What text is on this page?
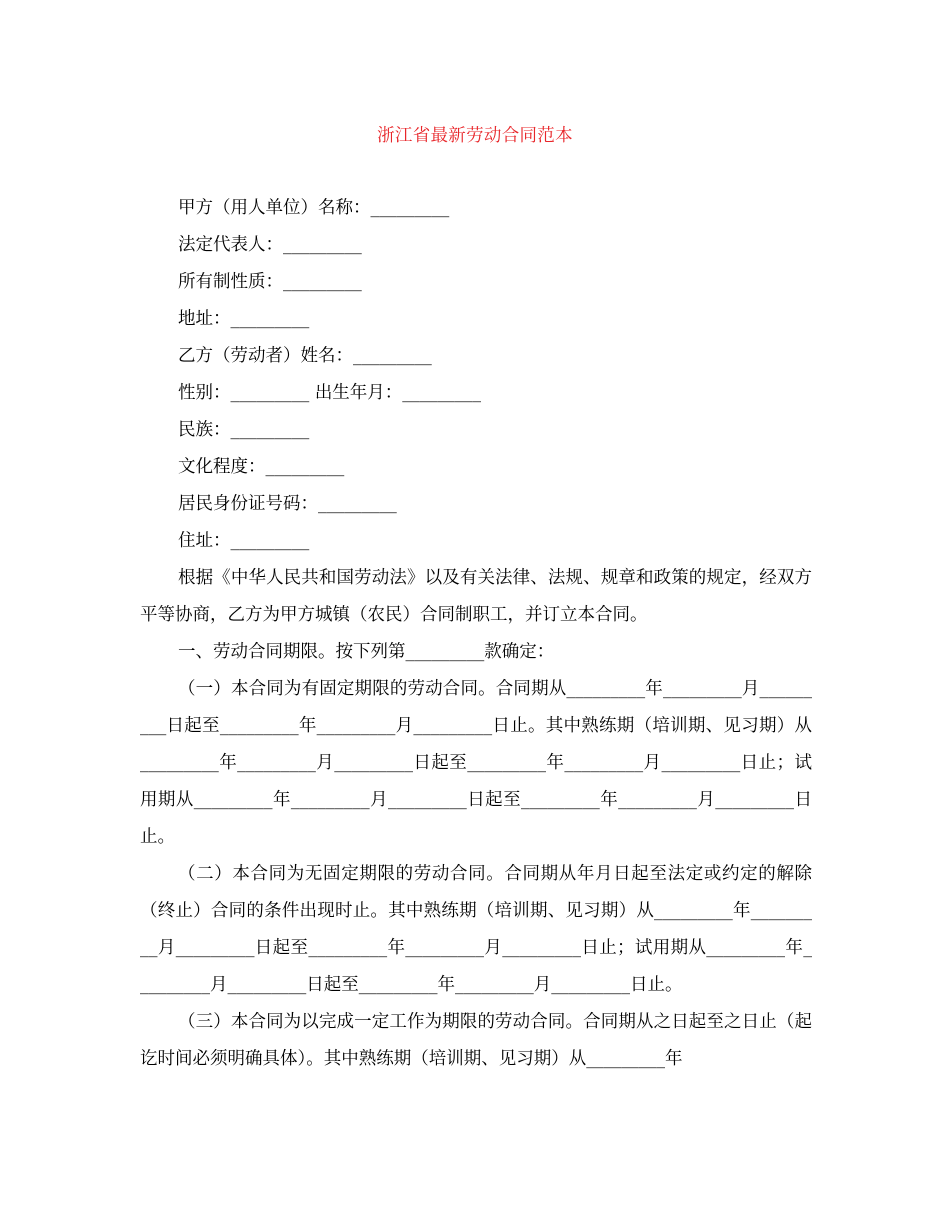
浙江省最新劳动合同范本
甲方（用人单位）名称：_________
法定代表人：_________
所有制性质：_________
地址：_________
乙方（劳动者）姓名：_________
性别：_________ 出生年月：_________
民族：_________
文化程度：_________
居民身份证号码：_________
住址：_________

根据《中华人民共和国劳动法》以及有关法律、法规、规章和政策的规定，经双方平等协商，乙方为甲方城镇（农民）合同制职工，并订立本合同。

一、劳动合同期限。按下列第_________款确定：

（一）本合同为有固定期限的劳动合同。合同期从_________年_________月_________日起至_________年_________月_________日止。其中熟练期（培训期、见习期）从_________年_________月_________日起至_________年_________月_________日止；试用期从_________年_________月_________日起至_________年_________月_________日止。

（二）本合同为无固定期限的劳动合同。合同期从年月日起至法定或约定的解除（终止）合同的条件出现时止。其中熟练期（培训期、见习期）从_________年_________月_________日起至_________年_________月_________日止；试用期从_________年_________月_________日起至_________年_________月_________日止。

（三）本合同为以完成一定工作为期限的劳动合同。合同期从之日起至之日止（起讫时间必须明确具体）。其中熟练期（培训期、见习期）从_________年
